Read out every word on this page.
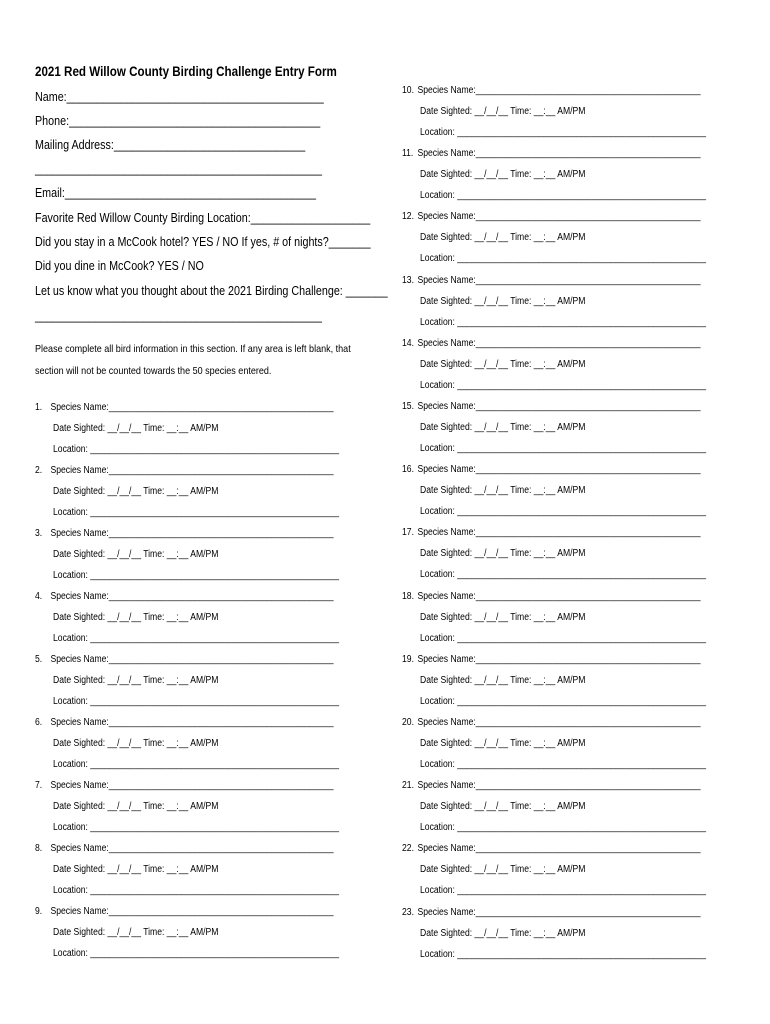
2021 Red Willow County Birding Challenge Entry Form
Name:___________________________________________
Phone:__________________________________________
Mailing Address:________________________________
________________________________________________
Email:__________________________________________
Favorite Red Willow County Birding Location:____________________
Did you stay in a McCook hotel? YES / NO If yes, # of nights?_______
Did you dine in McCook? YES / NO
Let us know what you thought about the 2021 Birding Challenge: _______
________________________________________________
Please complete all bird information in this section. If any area is left blank, that section will not be counted towards the 50 species entered.
1. Species Name:_______________________________________________
Date Sighted: __/__/__ Time: __:__ AM/PM
Location: ____________________________________________________
2. Species Name:_______________________________________________
Date Sighted: __/__/__ Time: __:__ AM/PM
Location: ____________________________________________________
3. Species Name:_______________________________________________
Date Sighted: __/__/__ Time: __:__ AM/PM
Location: ____________________________________________________
4. Species Name:_______________________________________________
Date Sighted: __/__/__ Time: __:__ AM/PM
Location: ____________________________________________________
5. Species Name:_______________________________________________
Date Sighted: __/__/__ Time: __:__ AM/PM
Location: ____________________________________________________
6. Species Name:_______________________________________________
Date Sighted: __/__/__ Time: __:__ AM/PM
Location: ____________________________________________________
7. Species Name:_______________________________________________
Date Sighted: __/__/__ Time: __:__ AM/PM
Location: ____________________________________________________
8. Species Name:_______________________________________________
Date Sighted: __/__/__ Time: __:__ AM/PM
Location: ____________________________________________________
9. Species Name:_______________________________________________
Date Sighted: __/__/__ Time: __:__ AM/PM
Location: ____________________________________________________
10. Species Name:_______________________________________________
Date Sighted: __/__/__ Time: __:__ AM/PM
Location: ____________________________________________________
11. Species Name:_______________________________________________
Date Sighted: __/__/__ Time: __:__ AM/PM
Location: ____________________________________________________
12. Species Name:_______________________________________________
Date Sighted: __/__/__ Time: __:__ AM/PM
Location: ____________________________________________________
13. Species Name:_______________________________________________
Date Sighted: __/__/__ Time: __:__ AM/PM
Location: ____________________________________________________
14. Species Name:_______________________________________________
Date Sighted: __/__/__ Time: __:__ AM/PM
Location: ____________________________________________________
15. Species Name:_______________________________________________
Date Sighted: __/__/__ Time: __:__ AM/PM
Location: ____________________________________________________
16. Species Name:_______________________________________________
Date Sighted: __/__/__ Time: __:__ AM/PM
Location: ____________________________________________________
17. Species Name:_______________________________________________
Date Sighted: __/__/__ Time: __:__ AM/PM
Location: ____________________________________________________
18. Species Name:_______________________________________________
Date Sighted: __/__/__ Time: __:__ AM/PM
Location: ____________________________________________________
19. Species Name:_______________________________________________
Date Sighted: __/__/__ Time: __:__ AM/PM
Location: ____________________________________________________
20. Species Name:_______________________________________________
Date Sighted: __/__/__ Time: __:__ AM/PM
Location: ____________________________________________________
21. Species Name:_______________________________________________
Date Sighted: __/__/__ Time: __:__ AM/PM
Location: ____________________________________________________
22. Species Name:_______________________________________________
Date Sighted: __/__/__ Time: __:__ AM/PM
Location: ____________________________________________________
23. Species Name:_______________________________________________
Date Sighted: __/__/__ Time: __:__ AM/PM
Location: ____________________________________________________
